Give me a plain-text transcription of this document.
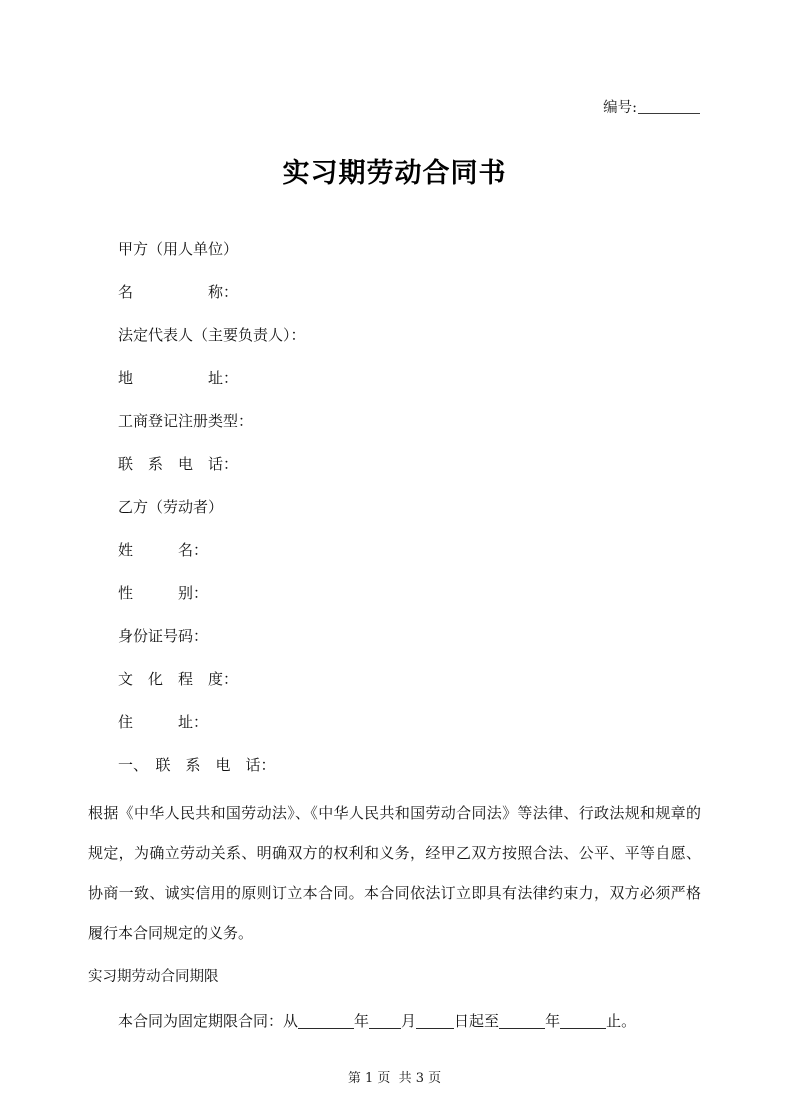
编号:
实习期劳动合同书
甲方（用人单位）
名　　　　　称：
法定代表人（主要负责人）：
地　　　　　址：
工商登记注册类型：
联　系　电　话：
乙方（劳动者）
姓　　　名：
性　　　别：
身份证号码：
文　化　程　度：
住　　　址：
一、　 联　系　电　话：
根据《中华人民共和国劳动法》、《中华人民共和国劳动合同法》等法律、行政法规和规章的规定，为确立劳动关系、明确双方的权利和义务，经甲乙双方按照合法、公平、平等自愿、协商一致、诚实信用的原则订立本合同。本合同依法订立即具有法律约束力，双方必须严格履行本合同规定的义务。
实习期劳动合同期限
本合同为固定期限合同：从	年 月	日起至	年	止。
第 1 页  共 3 页
